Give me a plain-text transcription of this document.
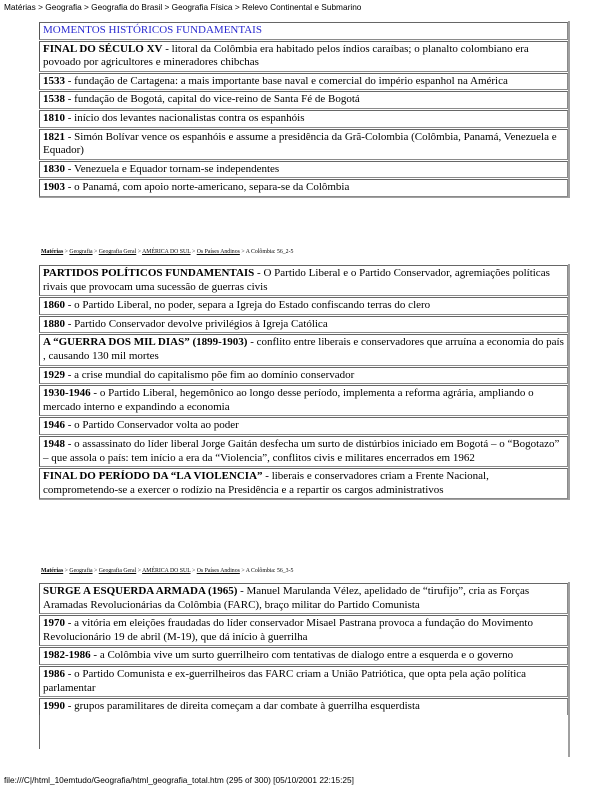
Matérias > Geografia > Geografia do Brasil > Geografia Física > Relevo Continental e Submarino
MOMENTOS HISTÓRICOS FUNDAMENTAIS
FINAL DO SÉCULO XV - litoral da Colômbia era habitado pelos índios caraíbas; o planalto colombiano era povoado por agricultores e mineradores chibchas
1533 - fundação de Cartagena: a mais importante base naval e comercial do império espanhol na América
1538 - fundação de Bogotá, capital do vice-reino de Santa Fé de Bogotá
1810 - início dos levantes nacionalistas contra os espanhóis
1821 - Simón Bolívar vence os espanhóis e assume a presidência da Grã-Colombia (Colômbia, Panamá, Venezuela e Equador)
1830 - Venezuela e Equador tornam-se independentes
1903 - o Panamá, com apoio norte-americano, separa-se da Colômbia
Matérias > Geografia > Geografia Geral > AMÉRICA DO SUL > Os Países Andinos > A Colômbia: 56_2-5
PARTIDOS POLÍTICOS FUNDAMENTAIS - O Partido Liberal e o Partido Conservador, agremiações políticas rivais que provocam uma sucessão de guerras civis
1860 - o Partido Liberal, no poder, separa a Igreja do Estado confiscando terras do clero
1880 - Partido Conservador devolve privilégios à Igreja Católica
A “GUERRA DOS MIL DIAS” (1899-1903) - conflito entre liberais e conservadores que arruína a economia do país , causando 130 mil mortes
1929 - a crise mundial do capitalismo põe fim ao domínio conservador
1930-1946 - o Partido Liberal, hegemônico ao longo desse período, implementa a reforma agrária, ampliando o mercado interno e expandindo a economia
1946 - o Partido Conservador volta ao poder
1948 - o assassinato do líder liberal Jorge Gaitán desfecha um surto de distúrbios iniciado em Bogotá – o “Bogotazo” – que assola o país: tem início a era da “Violencia”, conflitos civis e militares encerrados em 1962
FINAL DO PERÍODO DA “LA VIOLENCIA” - liberais e conservadores criam a Frente Nacional, comprometendo-se a exercer o rodízio na Presidência e a repartir os cargos administrativos
Matérias > Geografia > Geografia Geral > AMÉRICA DO SUL > Os Países Andinos > A Colômbia: 56_3-5
SURGE A ESQUERDA ARMADA (1965) - Manuel Marulanda Vélez, apelidado de “tirufijo”, cria as Forças Aramadas Revolucionárias da Colômbia (FARC), braço militar do Partido Comunista
1970 - a vitória em eleições fraudadas do líder conservador Misael Pastrana provoca a fundação do Movimento Revolucionário 19 de abril (M-19), que dá início à guerrilha
1982-1986 - a Colômbia vive um surto guerrilheiro com tentativas de dialogo entre a esquerda e o governo
1986 - o Partido Comunista e ex-guerrilheiros das FARC criam a União Patriótica, que opta pela ação política parlamentar
1990 - grupos paramilitares de direita começam a dar combate à guerrilha esquerdista
file:///C|/html_10emtudo/Geografia/html_geografia_total.htm (295 of 300) [05/10/2001 22:15:25]
